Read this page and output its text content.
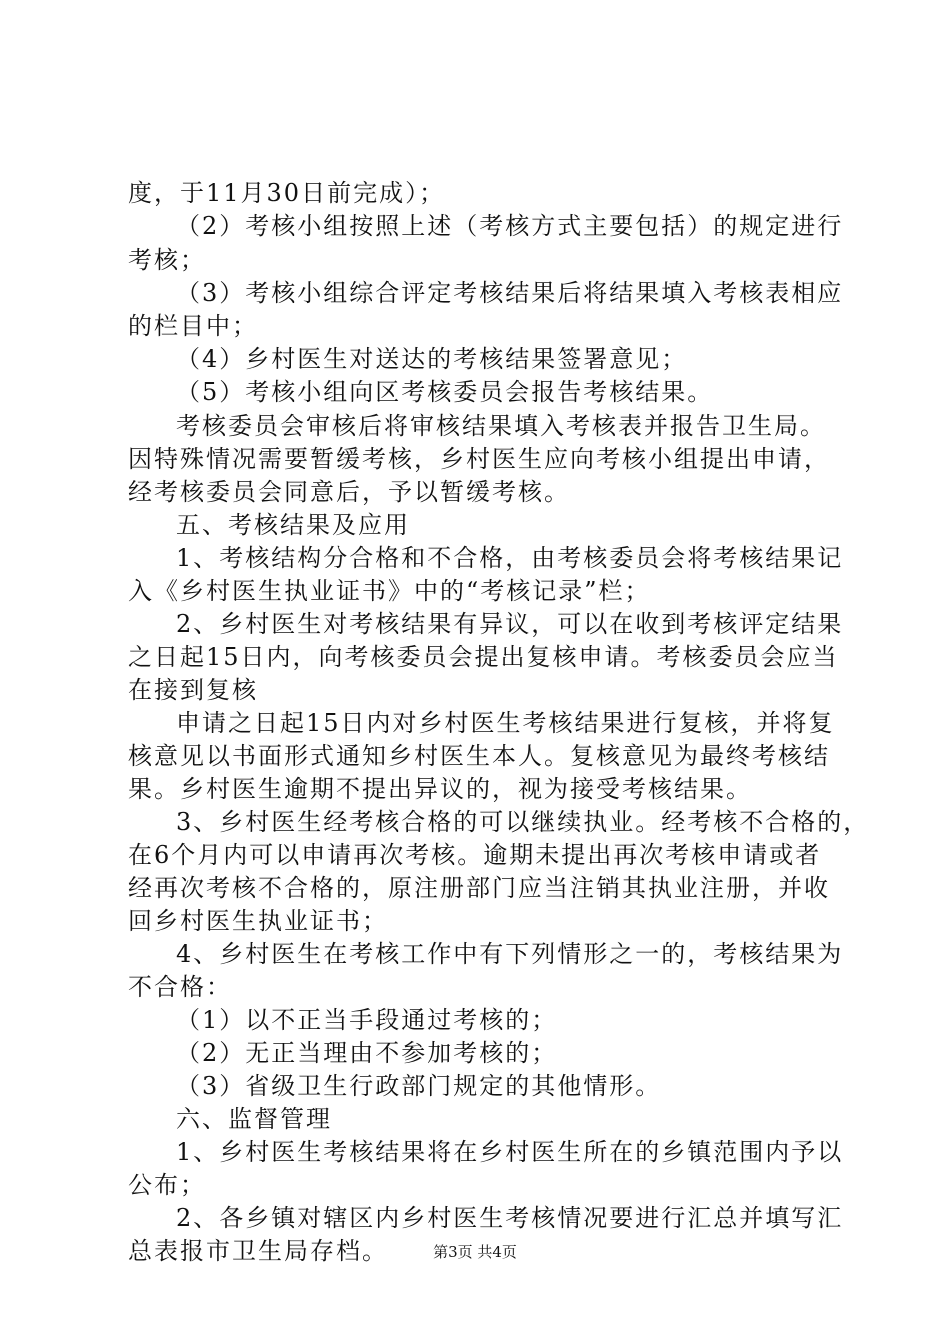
度，于11月30日前完成）；
（2）考核小组按照上述（考核方式主要包括）的规定进行
考核；
（3）考核小组综合评定考核结果后将结果填入考核表相应
的栏目中；
（4）乡村医生对送达的考核结果签署意见；
（5）考核小组向区考核委员会报告考核结果。
考核委员会审核后将审核结果填入考核表并报告卫生局。
因特殊情况需要暂缓考核，乡村医生应向考核小组提出申请，
经考核委员会同意后，予以暂缓考核。
五、考核结果及应用
1、考核结构分合格和不合格，由考核委员会将考核结果记
入《乡村医生执业证书》中的“考核记录”栏；
2、乡村医生对考核结果有异议，可以在收到考核评定结果
之日起15日内，向考核委员会提出复核申请。考核委员会应当
在接到复核
申请之日起15日内对乡村医生考核结果进行复核，并将复
核意见以书面形式通知乡村医生本人。复核意见为最终考核结
果。乡村医生逾期不提出异议的，视为接受考核结果。
3、乡村医生经考核合格的可以继续执业。经考核不合格的，
在6个月内可以申请再次考核。逾期未提出再次考核申请或者
经再次考核不合格的，原注册部门应当注销其执业注册，并收
回乡村医生执业证书；
4、乡村医生在考核工作中有下列情形之一的，考核结果为
不合格：
（1）以不正当手段通过考核的；
（2）无正当理由不参加考核的；
（3）省级卫生行政部门规定的其他情形。
六、监督管理
1、乡村医生考核结果将在乡村医生所在的乡镇范围内予以
公布；
2、各乡镇对辖区内乡村医生考核情况要进行汇总并填写汇
总表报市卫生局存档。	第3页 共4页
